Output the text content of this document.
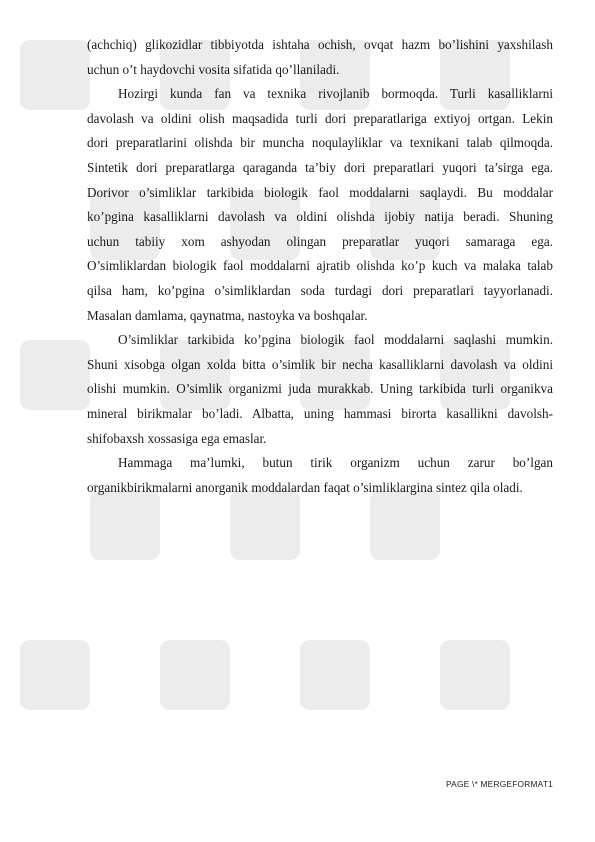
(achchiq) glikozidlar tibbiyotda ishtaha ochish, ovqat hazm bo’lishini yaxshilash
uchun o’t haydovchi vosita sifatida qo’llaniladi.
Hozirgi kunda fan va texnika rivojlanib bormoqda. Turli kasalliklarni
davolash va oldini olish maqsadida turli dori preparatlariga extiyoj ortgan. Lekin
dori preparatlarini olishda bir muncha noqulayliklar va texnikani talab qilmoqda.
Sintetik dori preparatlarga qaraganda ta’biy dori preparatlari yuqori ta’sirga ega.
Dorivor o’simliklar tarkibida biologik faol moddalarni saqlaydi. Bu moddalar
ko’pgina kasalliklarni davolash va oldini olishda ijobiy natija beradi. Shuning
uchun tabiiy xom ashyodan olingan preparatlar yuqori samaraga ega.
O’simliklardan biologik faol moddalarni ajratib olishda ko’p kuch va malaka talab
qilsa ham, ko’pgina o’simliklardan soda turdagi dori preparatlari tayyorlanadi.
Masalan damlama, qaynatma, nastoyka va boshqalar.
O’simliklar tarkibida ko’pgina biologik faol moddalarni saqlashi mumkin.
Shuni xisobga olgan xolda bitta o’simlik bir necha kasalliklarni davolash va oldini
olishi mumkin. O’simlik organizmi juda murakkab. Uning tarkibida turli organikva
mineral birikmalar bo’ladi. Albatta, uning hammasi birorta kasallikni davolsh-
shifobaxsh xossasiga ega emaslar.
Hammaga ma’lumki, butun tirik organizm uchun zarur bo’lgan
organikbirikmalarni anorganik moddalardan faqat o’simliklargina sintez qila oladi.
PAGE \* MERGEFORMAT1
